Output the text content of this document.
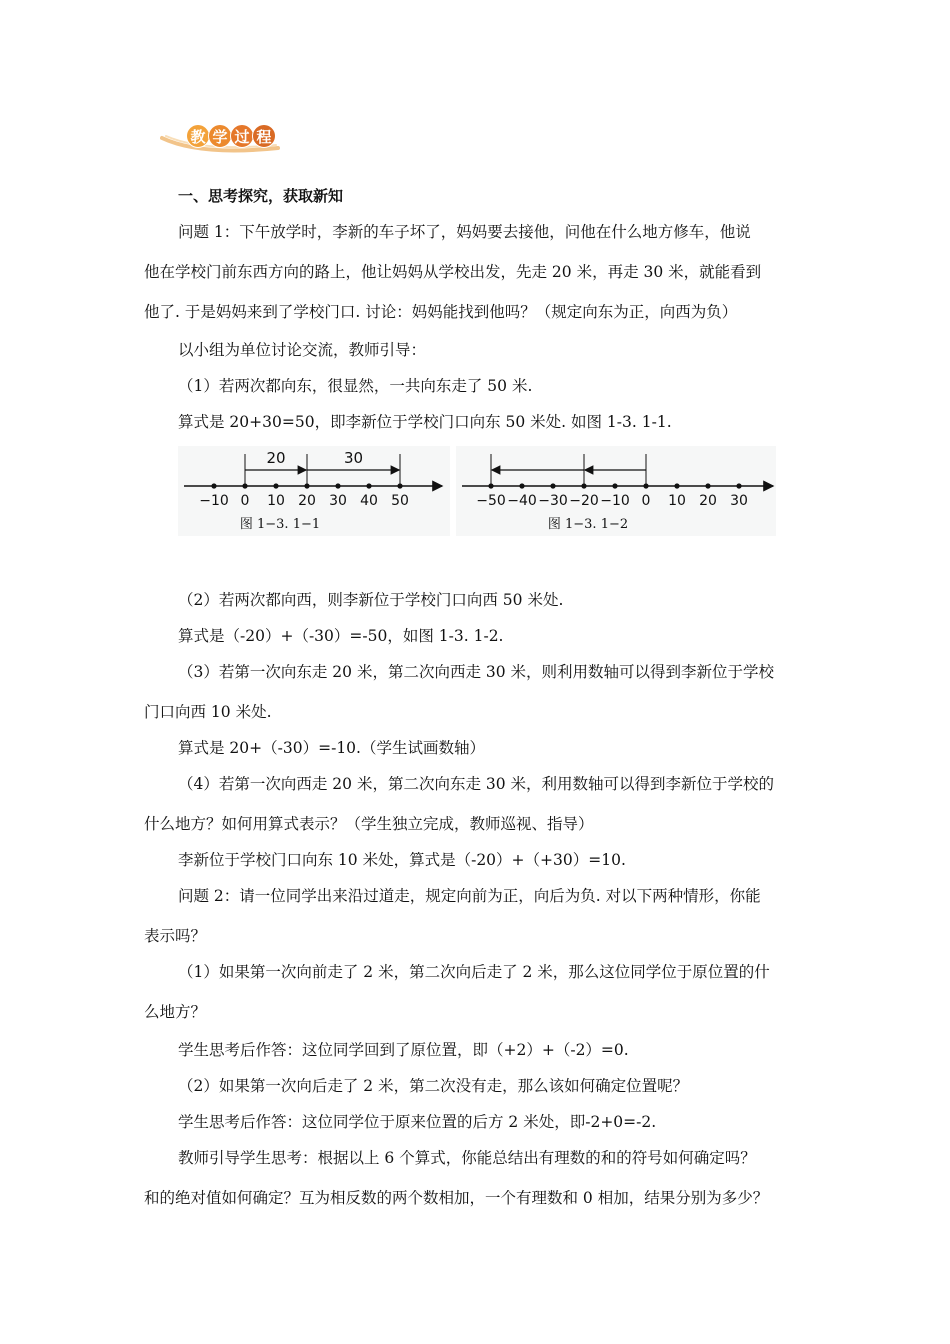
教 学 过 程
一、思考探究，获取新知
问题 1：下午放学时，李新的车子坏了，妈妈要去接他，问他在什么地方修车，他说
他在学校门前东西方向的路上，他让妈妈从学校出发，先走 20 米，再走 30 米，就能看到
他了. 于是妈妈来到了学校门口. 讨论：妈妈能找到他吗？（规定向东为正，向西为负）
以小组为单位讨论交流，教师引导：
（1）若两次都向东，很显然，一共向东走了 50 米.
算式是 20+30=50，即李新位于学校门口向东 50 米处. 如图 1-3. 1-1.
−10 0 10 20 30 40 50
20	30
图 1−3. 1−1
−50 −40 −30 −20 −10 0 10 20 30
图 1−3. 1−2
（2）若两次都向西，则李新位于学校门口向西 50 米处.
算式是（-20）+（-30）=-50，如图 1-3. 1-2.
（3）若第一次向东走 20 米，第二次向西走 30 米，则利用数轴可以得到李新位于学校
门口向西 10 米处.
算式是 20+（-30）=-10.（学生试画数轴）
（4）若第一次向西走 20 米，第二次向东走 30 米，利用数轴可以得到李新位于学校的
什么地方？如何用算式表示？（学生独立完成，教师巡视、指导）
李新位于学校门口向东 10 米处，算式是（-20）+（+30）=10.
问题 2：请一位同学出来沿过道走，规定向前为正，向后为负. 对以下两种情形，你能
表示吗？
（1）如果第一次向前走了 2 米，第二次向后走了 2 米，那么这位同学位于原位置的什
么地方？
学生思考后作答：这位同学回到了原位置，即（+2）+（-2）=0.
（2）如果第一次向后走了 2 米，第二次没有走，那么该如何确定位置呢？
学生思考后作答：这位同学位于原来位置的后方 2 米处，即-2+0=-2.
教师引导学生思考：根据以上 6 个算式，你能总结出有理数的和的符号如何确定吗？
和的绝对值如何确定？互为相反数的两个数相加，一个有理数和 0 相加，结果分别为多少？
